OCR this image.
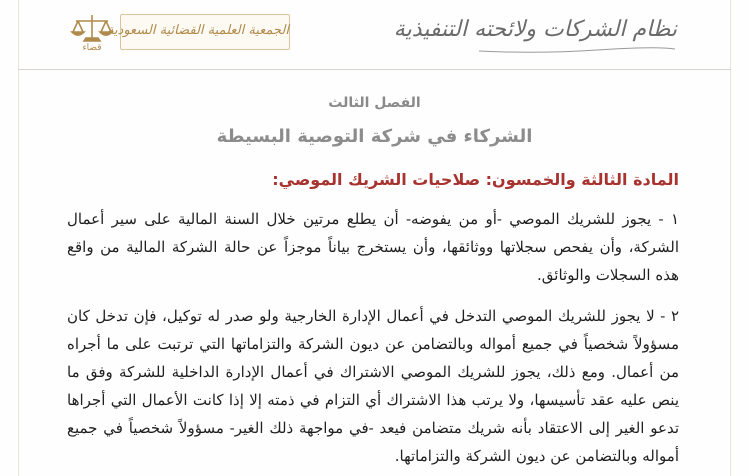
قضاء
الجمعية العلمية القضائية السعودية	نظام الشركات ولائحته التنفيذية
الفصل الثالث
الشركاء في شركة التوصية البسيطة
المادة الثالثة والخمسون: صلاحيات الشريك الموصي:

١ - يجوز للشريك الموصي -أو من يفوضه- أن يطلع مرتين خلال السنة المالية على سير أعمال الشركة، وأن يفحص سجلاتها ووثائقها، وأن يستخرج بياناً موجزاً عن حالة الشركة المالية من واقع هذه السجلات والوثائق.

٢ - لا يجوز للشريك الموصي التدخل في أعمال الإدارة الخارجية ولو صدر له توكيل، فإن تدخل كان مسؤولاً شخصياً في جميع أمواله وبالتضامن عن ديون الشركة والتزاماتها التي ترتبت على ما أجراه من أعمال. ومع ذلك، يجوز للشريك الموصي الاشتراك في أعمال الإدارة الداخلية للشركة وفق ما ينص عليه عقد تأسيسها، ولا يرتب هذا الاشتراك أي التزام في ذمته إلا إذا كانت الأعمال التي أجراها تدعو الغير إلى الاعتقاد بأنه شريك متضامن فيعد -في مواجهة ذلك الغير- مسؤولاً شخصياً في جميع أمواله وبالتضامن عن ديون الشركة والتزاماتها.
